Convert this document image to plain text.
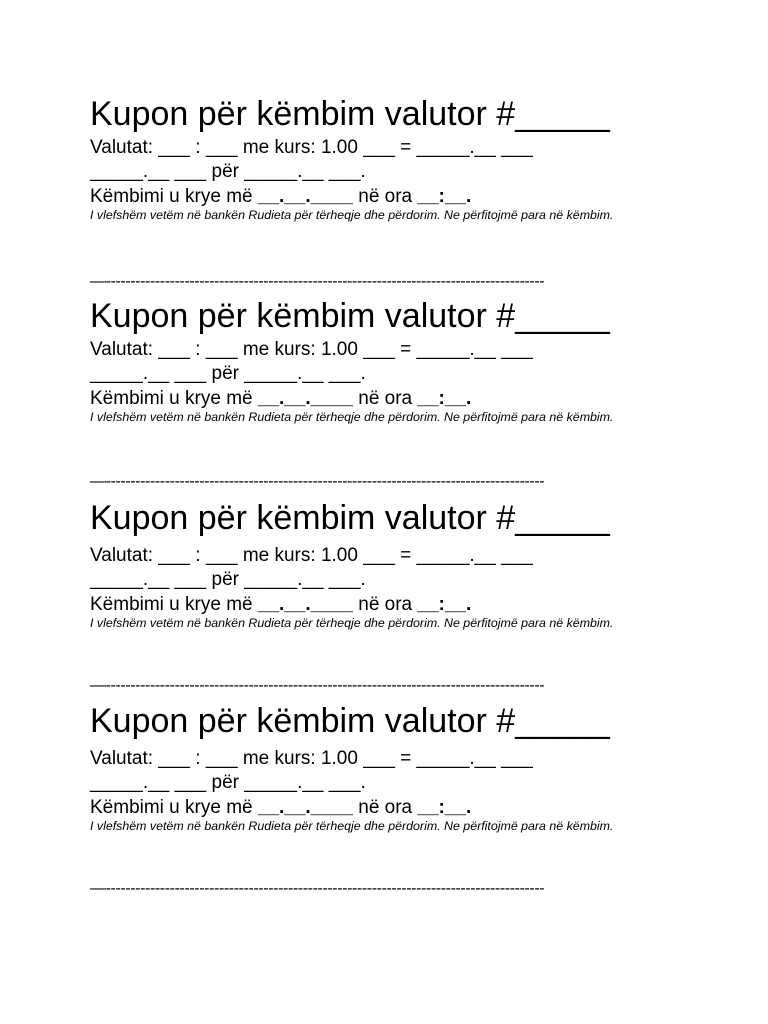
Kupon për këmbim valutor #_____
Valutat: ___ : ___ me kurs: 1.00 ___ = _____.__ ___
_____.__ ___ për _____.__ ___.
Këmbimi u krye më __.__.____ në ora __:__.
I vlefshëm vetëm në bankën Rudieta për tërheqje dhe përdorim. Ne përfitojmë para në këmbim.
—-----------------------------------------------------------------------------------------
Kupon për këmbim valutor #_____
Valutat: ___ : ___ me kurs: 1.00 ___ = _____.__ ___
_____.__ ___ për _____.__ ___.
Këmbimi u krye më __.__.____ në ora __:__.
I vlefshëm vetëm në bankën Rudieta për tërheqje dhe përdorim. Ne përfitojmë para në këmbim.
—-----------------------------------------------------------------------------------------
Kupon për këmbim valutor #_____
Valutat: ___ : ___ me kurs: 1.00 ___ = _____.__ ___
_____.__ ___ për _____.__ ___.
Këmbimi u krye më __.__.____ në ora __:__.
I vlefshëm vetëm në bankën Rudieta për tërheqje dhe përdorim. Ne përfitojmë para në këmbim.
—-----------------------------------------------------------------------------------------
Kupon për këmbim valutor #_____
Valutat: ___ : ___ me kurs: 1.00 ___ = _____.__ ___
_____.__ ___ për _____.__ ___.
Këmbimi u krye më __.__.____ në ora __:__.
I vlefshëm vetëm në bankën Rudieta për tërheqje dhe përdorim. Ne përfitojmë para në këmbim.
—-----------------------------------------------------------------------------------------
